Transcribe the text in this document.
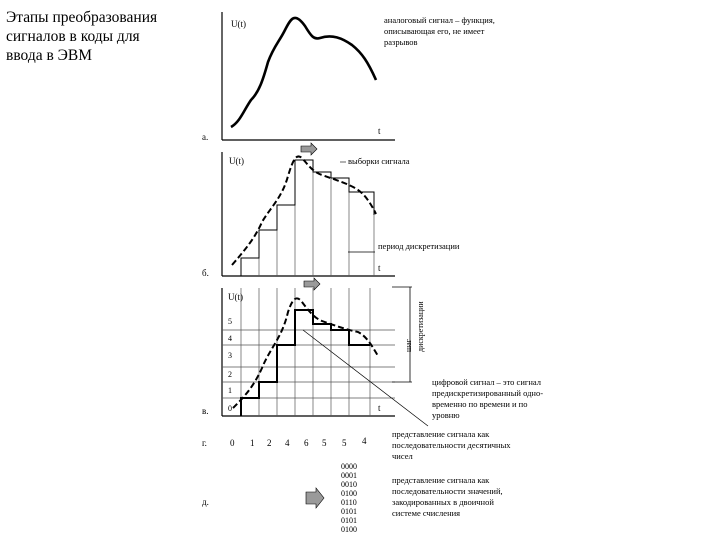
Этапы преобразования
сигналов в коды для
ввода в ЭВМ
U(t)
t
а.
аналоговый сигнал – функция,
описывающая его, не имеет
разрывов
U(t)
t
б.
выборки сигнала
период дискретизации
U(t)
t
в.
5
4
3
2
1
0
шаг дискретизации
цифровой сигнал – это сигнал
предискретизированный одно-
временно по времени и по
уровню
г.	0 1 2 4 6 5 5 4
представление сигнала как
последовательности десятичных
чисел
д.
0000
0001
0010
0100
0110
0101
0101
0100
представление сигнала как
последовательности значений,
закодированных в двоичной
системе счисления
